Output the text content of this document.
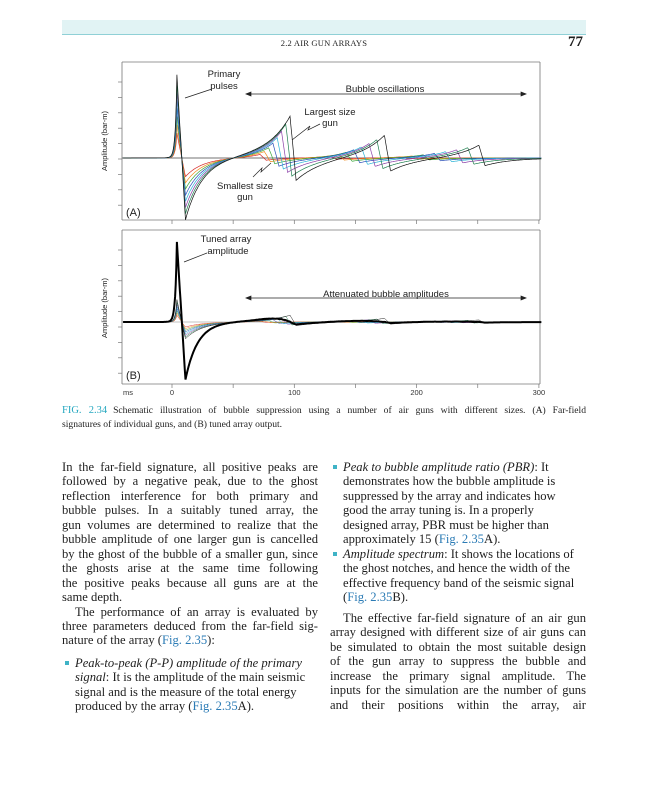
2.2 AIR GUN ARRAYS	77
Amplitude (bar-m)
(A)
Primary
pulses	Bubble oscillations
Largest size
gun
Smallest size
gun
Amplitude (bar-m)
(B)
Tuned array
amplitude
Attenuated bubble amplitudes
ms	0	100	200	300
FIG. 2.34 Schematic illustration of bubble suppression using a number of air guns with different sizes. (A) Far-field
signatures of individual guns, and (B) tuned array output.
In the far-field signature, all positive peaks are
followed by a negative peak, due to the ghost
reflection interference for both primary and
bubble pulses. In a suitably tuned array, the
gun volumes are determined to realize that the
bubble amplitude of one larger gun is cancelled
by the ghost of the bubble of a smaller gun, since
the ghosts arise at the same time following
the positive peaks because all guns are at the
same depth.
The performance of an array is evaluated by
three parameters deduced from the far-field sig-
nature of the array (Fig. 2.35):
Peak-to-peak (P-P) amplitude of the primary
signal: It is the amplitude of the main seismic
signal and is the measure of the total energy
produced by the array (Fig. 2.35A).
Peak to bubble amplitude ratio (PBR): It
demonstrates how the bubble amplitude is
suppressed by the array and indicates how
good the array tuning is. In a properly
designed array, PBR must be higher than
approximately 15 (Fig. 2.35A).
Amplitude spectrum: It shows the locations of
the ghost notches, and hence the width of the
effective frequency band of the seismic signal
(Fig. 2.35B).
The effective far-field signature of an air gun
array designed with different size of air guns can
be simulated to obtain the most suitable design
of the gun array to suppress the bubble and
increase the primary signal amplitude. The
inputs for the simulation are the number of guns
and their positions within the array, air
